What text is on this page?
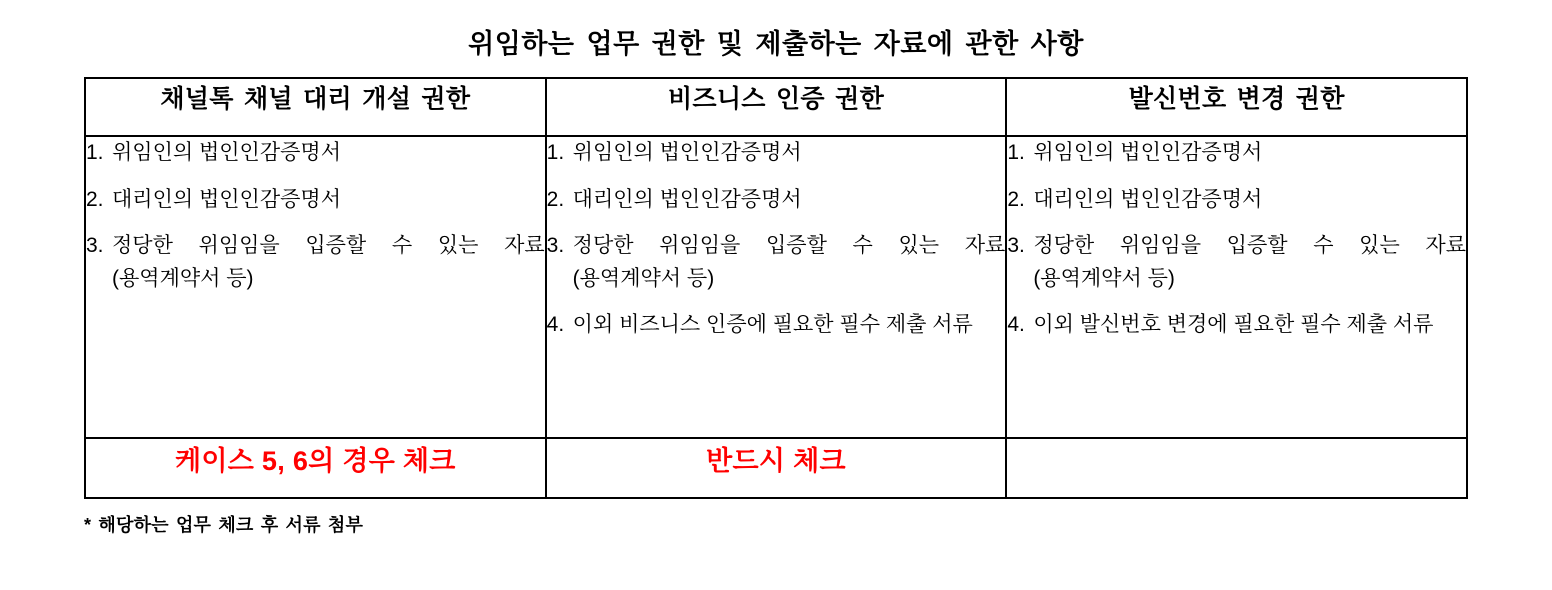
위임하는 업무 권한 및 제출하는 자료에 관한 사항
채널톡 채널 대리 개설 권한	비즈니스 인증 권한	발신번호 변경 권한

1. 위임인의 법인인감증명서
2. 대리인의 법인인감증명서
3. 정당한 위임임을 입증할 수 있는 자료(용역계약서 등)

1. 위임인의 법인인감증명서
2. 대리인의 법인인감증명서
3. 정당한 위임임을 입증할 수 있는 자료(용역계약서 등)
4. 이외 비즈니스 인증에 필요한 필수 제출 서류

1. 위임인의 법인인감증명서
2. 대리인의 법인인감증명서
3. 정당한 위임임을 입증할 수 있는 자료(용역계약서 등)
4. 이외 발신번호 변경에 필요한 필수 제출 서류

케이스 5, 6의 경우 체크	반드시 체크	
* 해당하는 업무 체크 후 서류 첨부
